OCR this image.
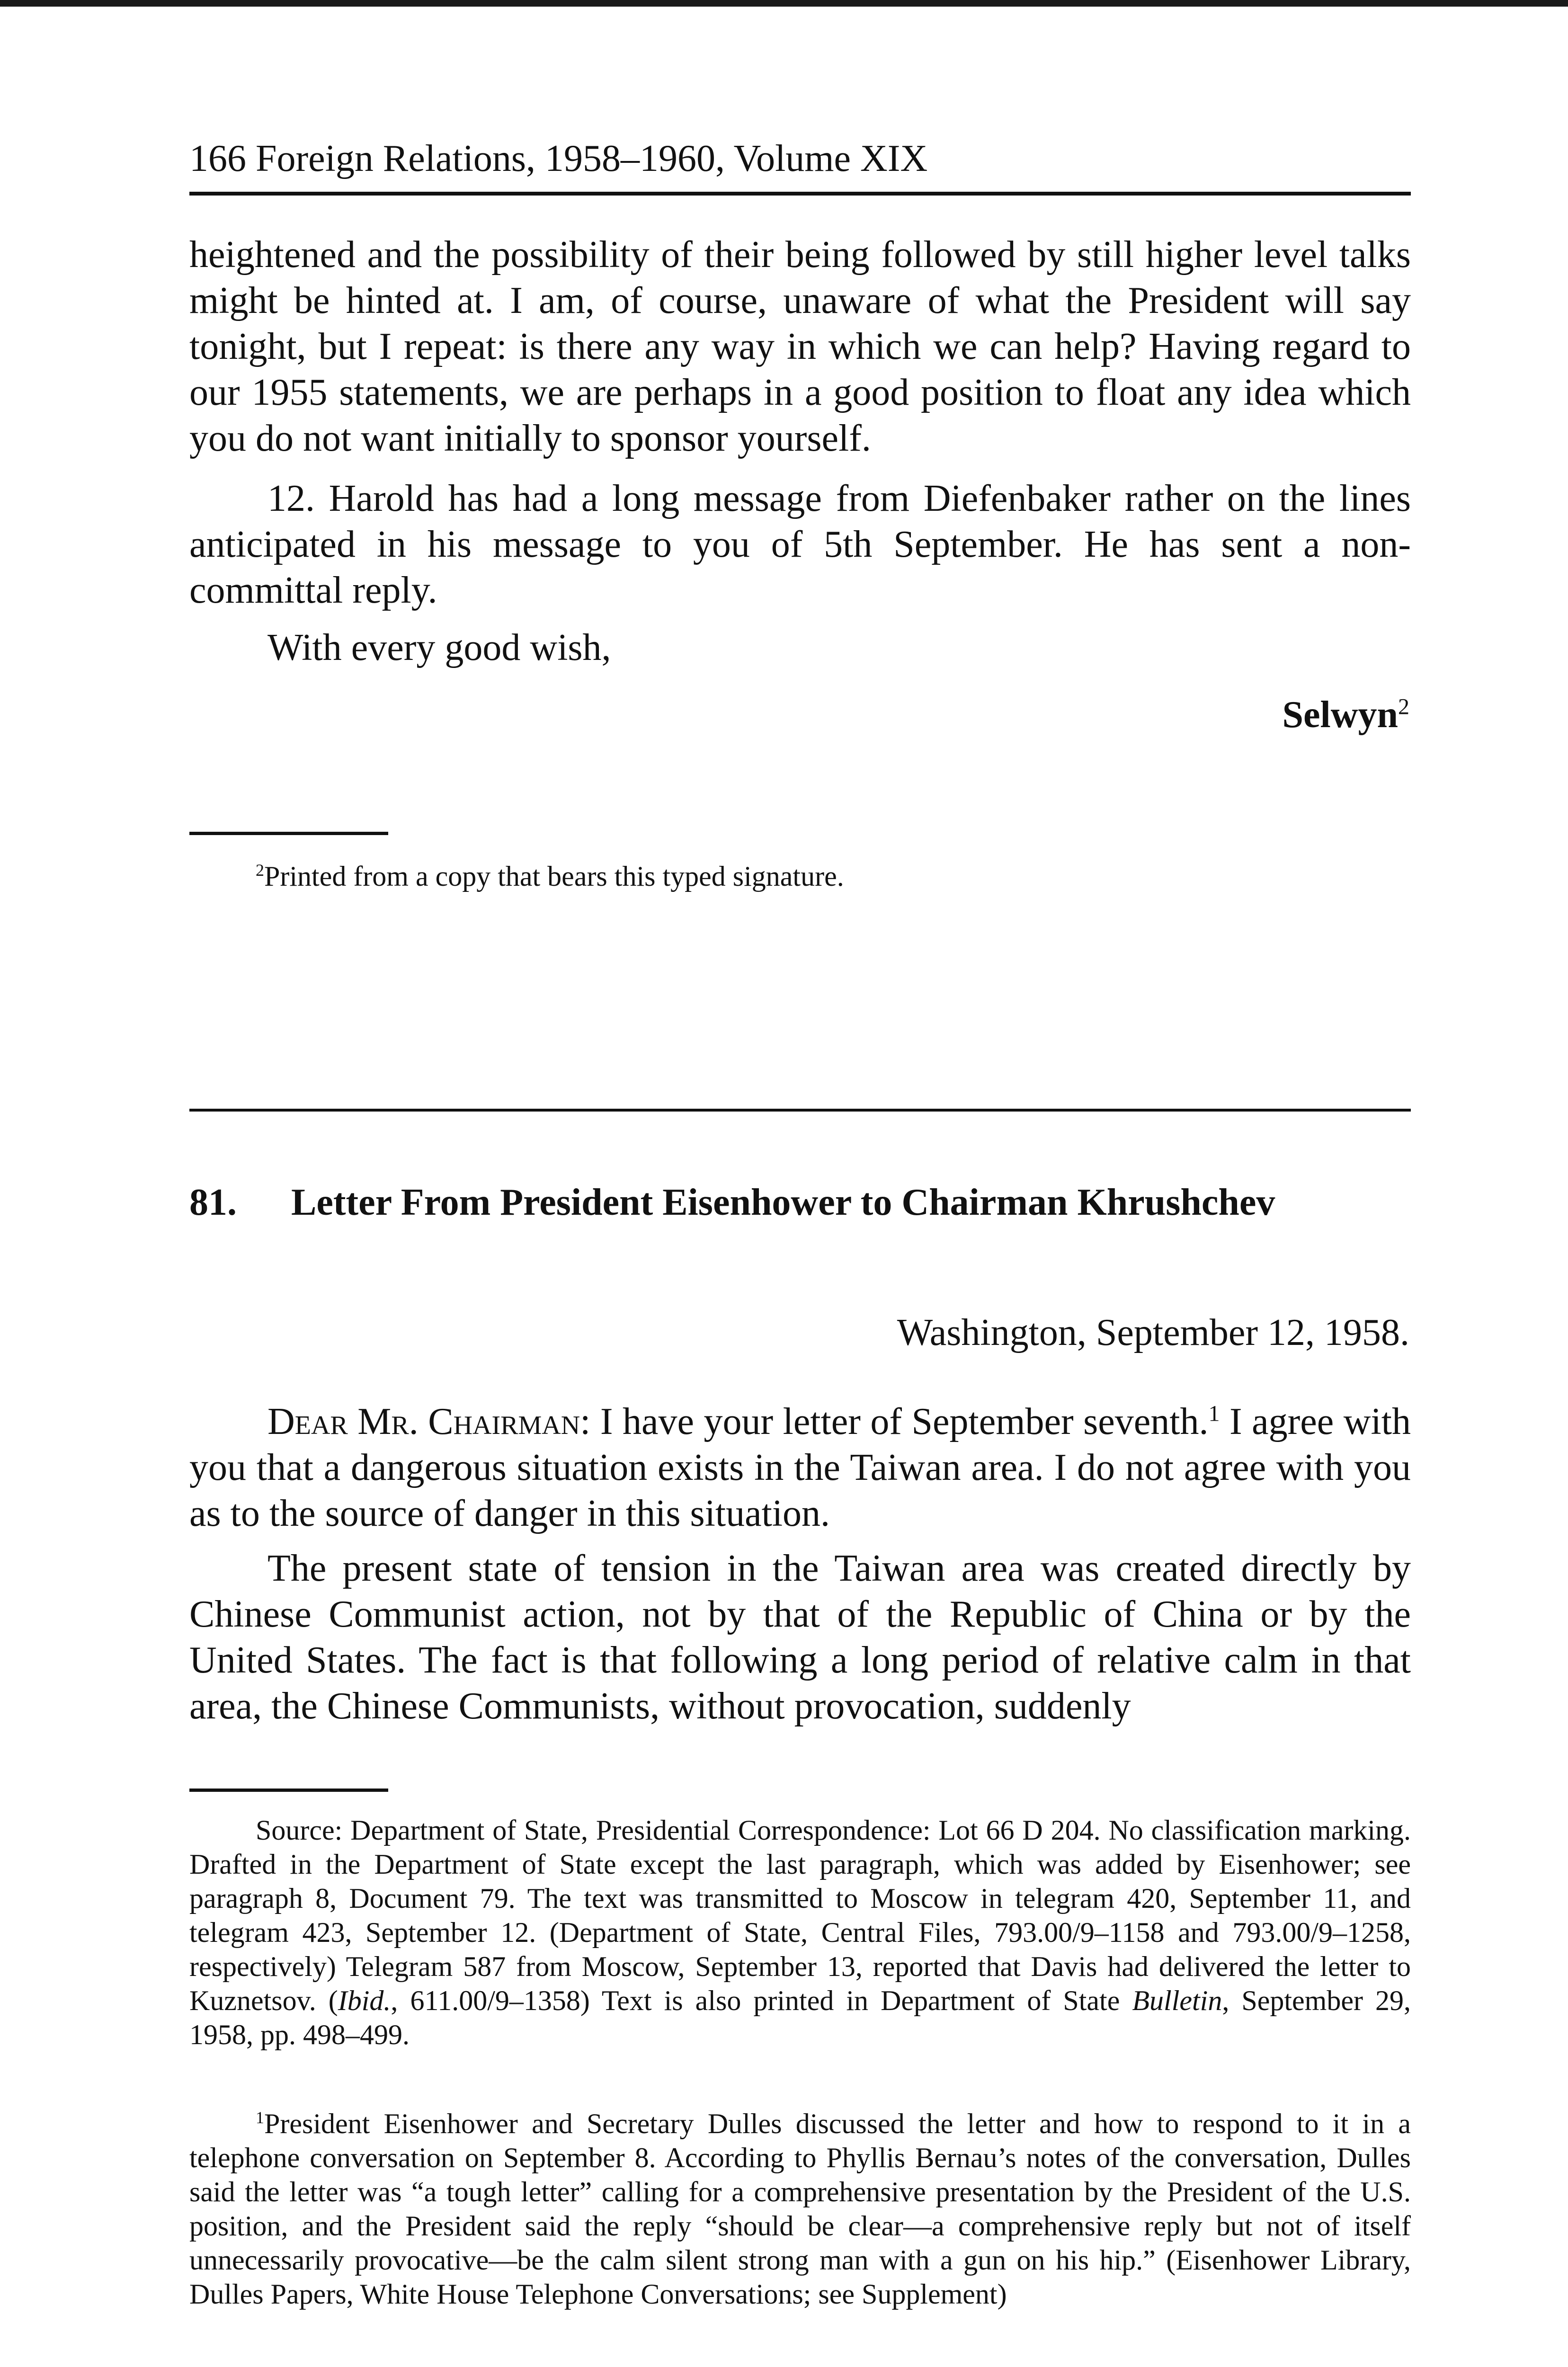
166 Foreign Relations, 1958–1960, Volume XIX

heightened and the possibility of their being followed by still higher level talks might be hinted at. I am, of course, unaware of what the President will say tonight, but I repeat: is there any way in which we can help? Having regard to our 1955 statements, we are perhaps in a good position to float any idea which you do not want initially to sponsor yourself.

12. Harold has had a long message from Diefenbaker rather on the lines anticipated in his message to you of 5th September. He has sent a non-committal reply.

With every good wish,

Selwyn$^2$

$^2$Printed from a copy that bears this typed signature.

81. Letter From President Eisenhower to Chairman Khrushchev
Washington, September 12, 1958.

Dear Mr. Chairman: I have your letter of September seventh.$^1$ I agree with you that a dangerous situation exists in the Taiwan area. I do not agree with you as to the source of danger in this situation.

The present state of tension in the Taiwan area was created directly by Chinese Communist action, not by that of the Republic of China or by the United States. The fact is that following a long period of relative calm in that area, the Chinese Communists, without provocation, suddenly

Source: Department of State, Presidential Correspondence: Lot 66 D 204. No classification marking. Drafted in the Department of State except the last paragraph, which was added by Eisenhower; see paragraph 8, Document 79. The text was transmitted to Moscow in telegram 420, September 11, and telegram 423, September 12. (Department of State, Central Files, 793.00/9–1158 and 793.00/9–1258, respectively) Telegram 587 from Moscow, September 13, reported that Davis had delivered the letter to Kuznetsov. (Ibid., 611.00/9–1358) Text is also printed in Department of State Bulletin, September 29, 1958, pp. 498–499.

$^1$President Eisenhower and Secretary Dulles discussed the letter and how to respond to it in a telephone conversation on September 8. According to Phyllis Bernau’s notes of the conversation, Dulles said the letter was “a tough letter” calling for a comprehensive presentation by the President of the U.S. position, and the President said the reply “should be clear—a comprehensive reply but not of itself unnecessarily provocative—be the calm silent strong man with a gun on his hip.” (Eisenhower Library, Dulles Papers, White House Telephone Conversations; see Supplement)
